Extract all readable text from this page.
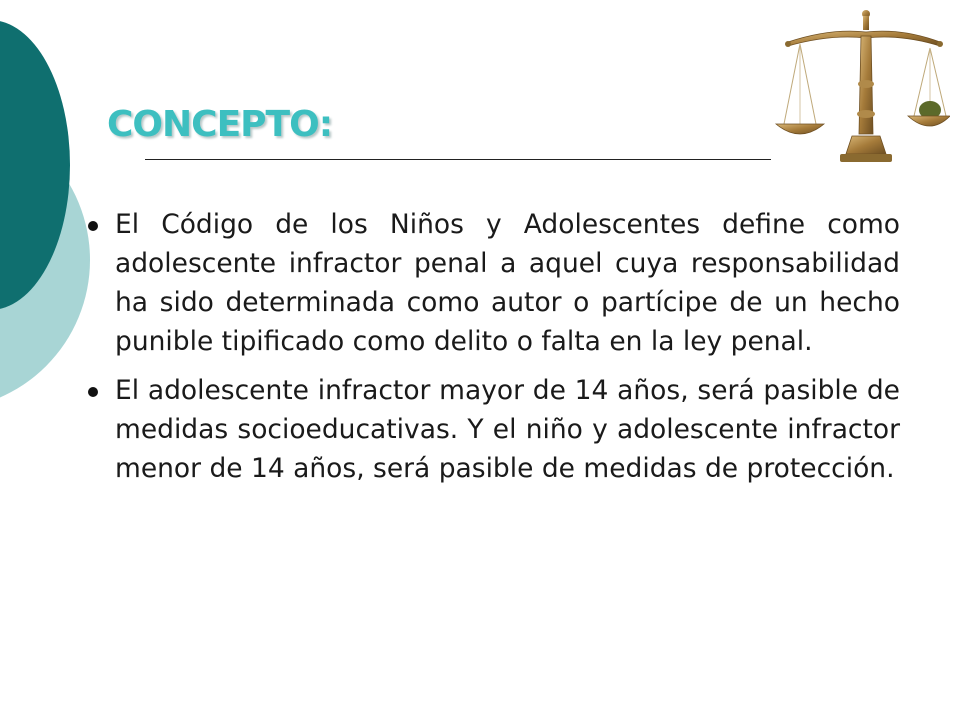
CONCEPTO:
El Código de los Niños y Adolescentes define como adolescente infractor penal a aquel cuya responsabilidad ha sido determinada como autor o partícipe de un hecho punible tipificado como delito o falta en la ley penal.
El adolescente infractor mayor de 14 años, será pasible de medidas socioeducativas. Y el niño y adolescente infractor menor de 14 años, será pasible de medidas de protección.
